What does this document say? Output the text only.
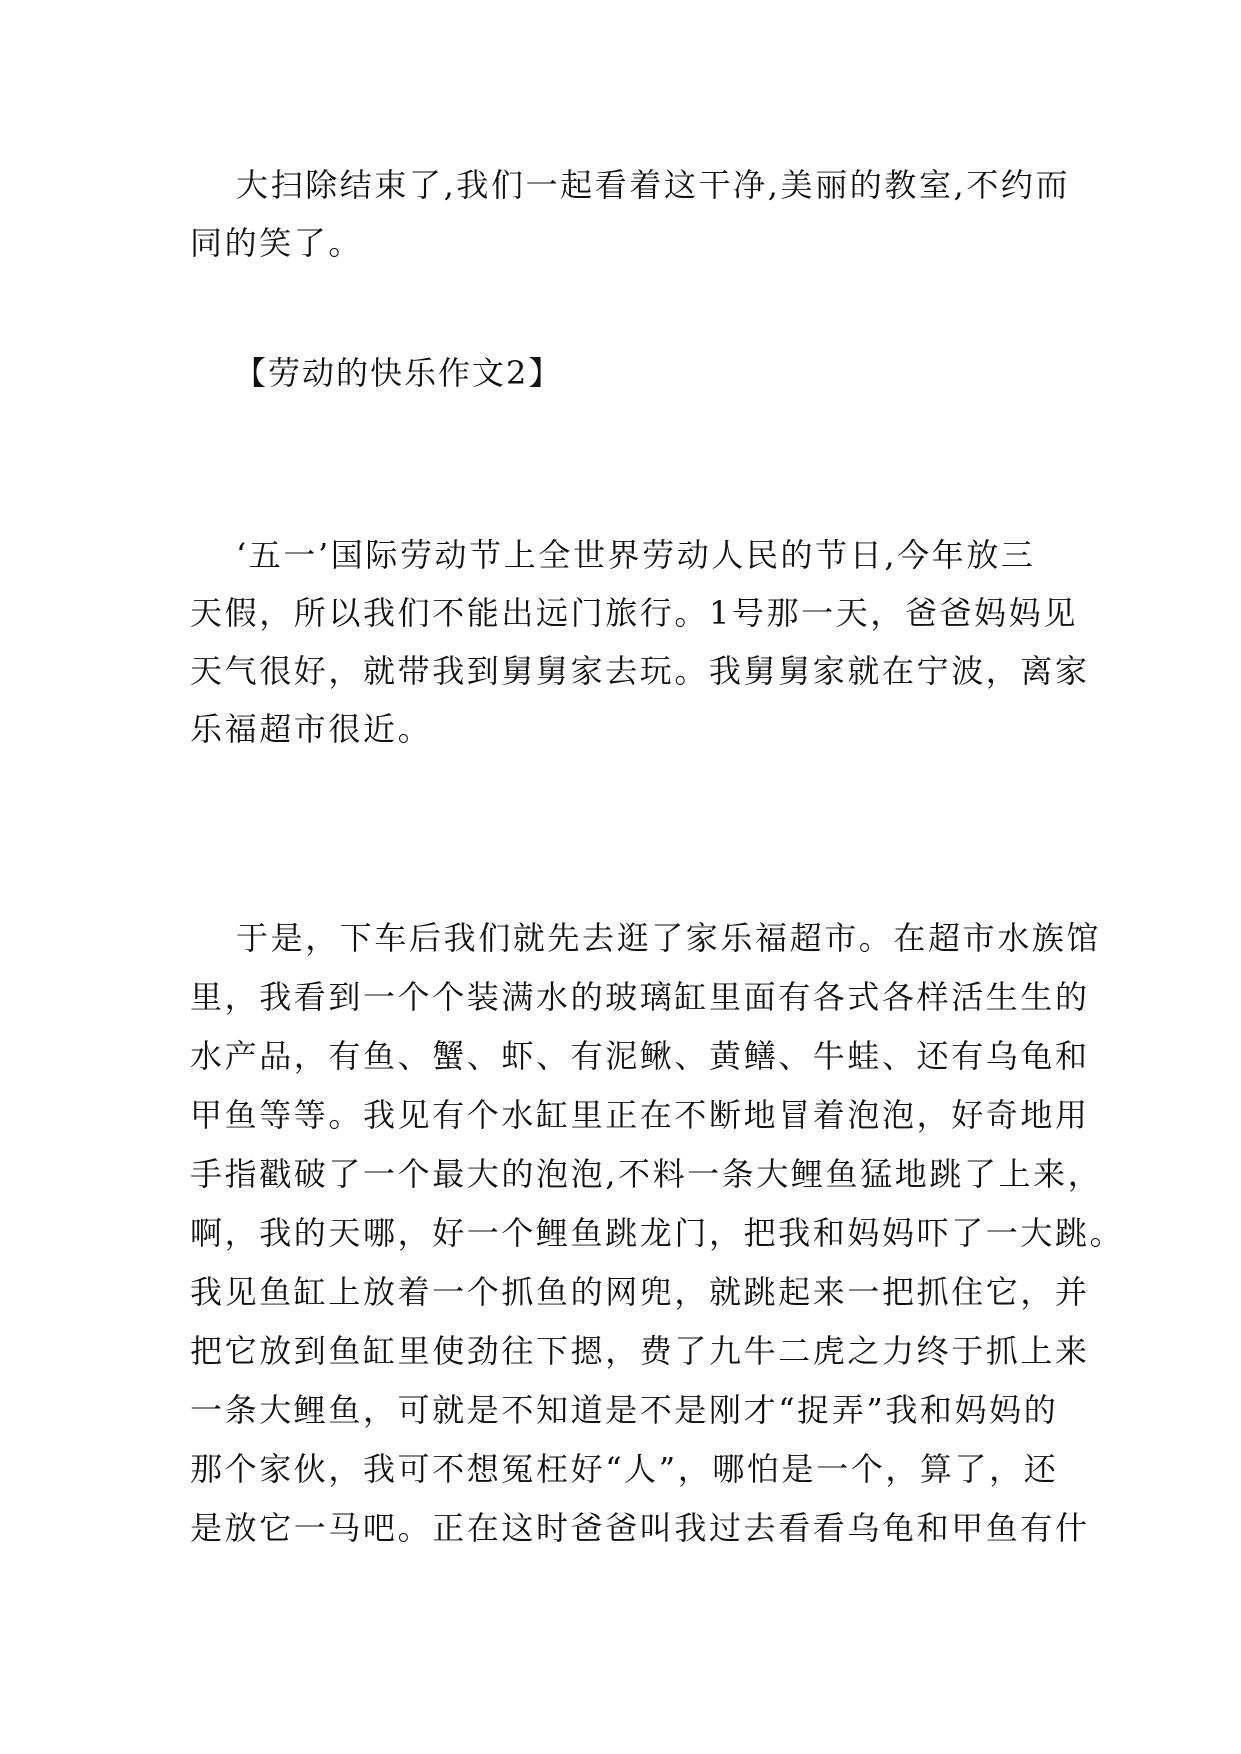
大扫除结束了,我们一起看着这干净,美丽的教室,不约而
同的笑了。
【劳动的快乐作文2】
‘五一’国际劳动节上全世界劳动人民的节日,今年放三
天假，所以我们不能出远门旅行。1号那一天，爸爸妈妈见
天气很好，就带我到舅舅家去玩。我舅舅家就在宁波，离家
乐福超市很近。
于是，下车后我们就先去逛了家乐福超市。在超市水族馆
里，我看到一个个装满水的玻璃缸里面有各式各样活生生的
水产品，有鱼、蟹、虾、有泥鳅、黄鳝、牛蛙、还有乌龟和
甲鱼等等。我见有个水缸里正在不断地冒着泡泡，好奇地用
手指戳破了一个最大的泡泡,不料一条大鲤鱼猛地跳了上来，
啊，我的天哪，好一个鲤鱼跳龙门，把我和妈妈吓了一大跳。
我见鱼缸上放着一个抓鱼的网兜，就跳起来一把抓住它，并
把它放到鱼缸里使劲往下摁，费了九牛二虎之力终于抓上来
一条大鲤鱼，可就是不知道是不是刚才“捉弄”我和妈妈的
那个家伙，我可不想冤枉好“人”，哪怕是一个，算了，还
是放它一马吧。正在这时爸爸叫我过去看看乌龟和甲鱼有什
